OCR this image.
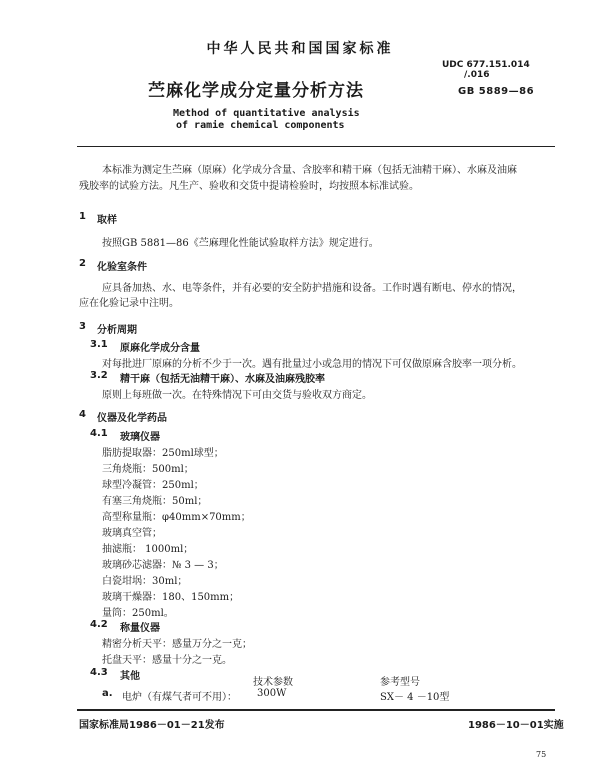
中华人民共和国国家标准
UDC 677.151.014
/.016
GB 5889—86
苎麻化学成分定量分析方法
Method of quantitative analysis
of ramie chemical components
本标准为测定生苎麻（原麻）化学成分含量、含胶率和精干麻（包括无油精干麻）、水麻及油麻
残胶率的试验方法。凡生产、验收和交货中提请检验时，均按照本标准试验。
1 取样
按照GB 5881—86《苎麻理化性能试验取样方法》规定进行。
2 化验室条件
应具备加热、水、电等条件，并有必要的安全防护措施和设备。工作时遇有断电、停水的情况，
应在化验记录中注明。
3 分析周期
3.1 原麻化学成分含量
对每批进厂原麻的分析不少于一次。遇有批量过小或急用的情况下可仅做原麻含胶率一项分析。
3.2 精干麻（包括无油精干麻）、水麻及油麻残胶率
原则上每班做一次。在特殊情况下可由交货与验收双方商定。
4 仪器及化学药品
4.1 玻璃仪器
脂肪提取器：250ml球型；
三角烧瓶：500ml；
球型冷凝管：250ml；
有塞三角烧瓶：50ml；
高型称量瓶：φ40mm×70mm；
玻璃真空管；
抽滤瓶： 1000ml；
玻璃砂芯滤器：№ 3 — 3；
白瓷坩埚：30ml；
玻璃干燥器：180、150mm；
量筒：250ml。
4.2 称量仪器
精密分析天平：感量万分之一克；
托盘天平：感量十分之一克。
4.3 其他
技术参数	参考型号
a. 电炉（有煤气者可不用）： 300W	SX－ 4 －10型
国家标准局1986－01－21发布	1986－10－01实施
75
